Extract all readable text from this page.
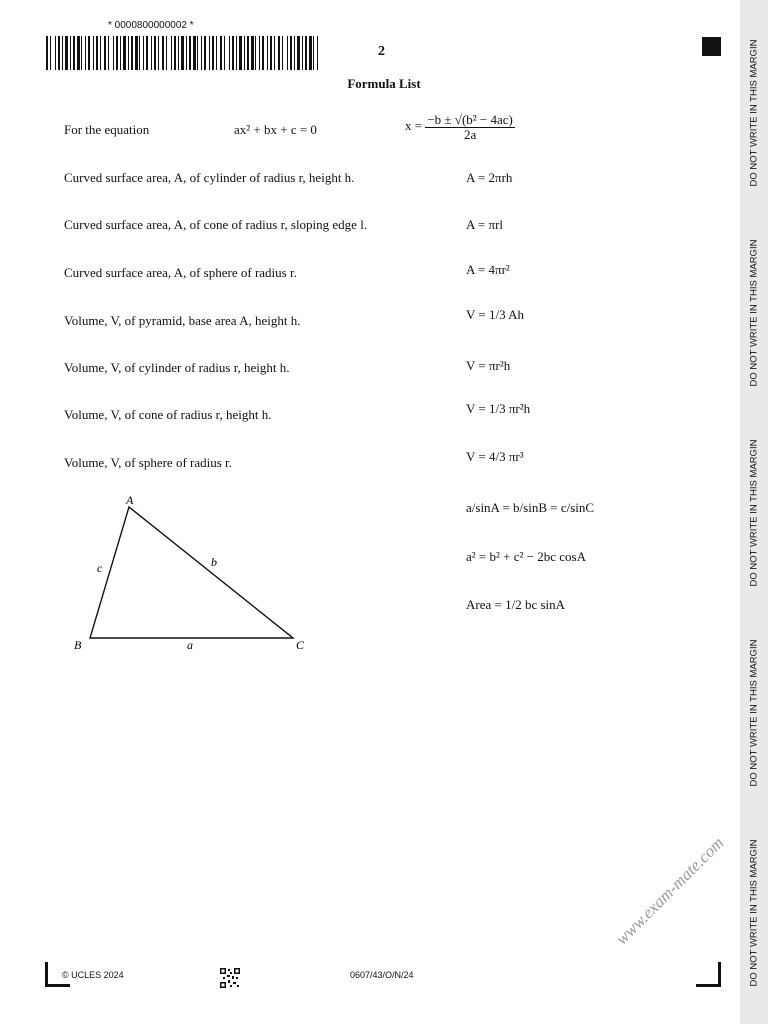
* 0000800000002 *
2
Formula List	DO NOT WRITE IN THIS MARGIN
DO NOT WRITE IN THIS MARGIN
DO NOT WRITE IN THIS MARGIN
DO NOT WRITE IN THIS MARGIN
DO NOT WRITE IN THIS MARGIN
For the equation	ax² + bx + c = 0	$x = \frac{\text{−b ± √(b² − 4ac)}}{2a}$
Curved surface area, A, of cylinder of radius r, height h.	A = 2πrh
Curved surface area, A, of cone of radius r, sloping edge l.	A = πrl
Curved surface area, A, of sphere of radius r.	A = 4πr²
Volume, V, of pyramid, base area A, height h.	V = 1/3 Ah
Volume, V, of cylinder of radius r, height h.	V = πr²h
Volume, V, of cone of radius r, height h.	V = 1/3 πr²h
Volume, V, of sphere of radius r.	V = 4/3 πr³
A
B	C
a
b
c
a/sinA = b/sinB = c/sinC
a² = b² + c² − 2bc cosA
Area = 1/2 bc sinA
© UCLES 2024	0607/43/O/N/24
www.exam-mate.com
